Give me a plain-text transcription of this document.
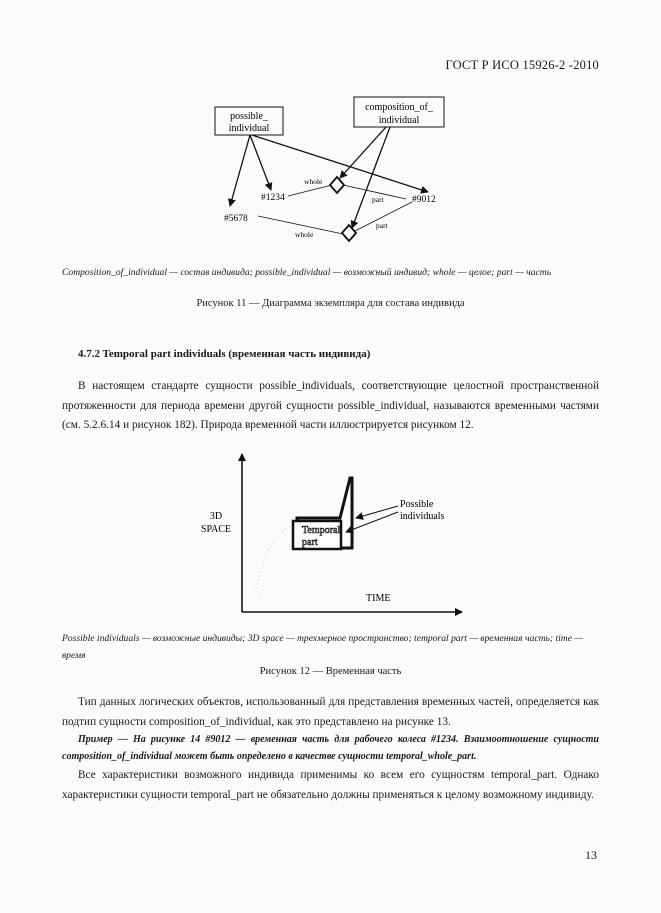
ГОСТ Р ИСО 15926-2 -2010
possible_
individual
composition_of_
individual
#1234
#5678
#9012
whole
part
part
whole
Composition_of_individual — состав индивида; possible_individual — возможный индивид; whole — целое; part — часть
Рисунок 11 — Диаграмма экземпляра для состава индивида
4.7.2 Temporal part individuals (временная часть индивида)
В настоящем стандарте сущности possible_individuals, соответствующие целостной пространственной протяженности для периода времени другой сущности possible_individual, называются временными частями (см. 5.2.6.14 и рисунок 182). Природа временной части иллюстрируется рисунком 12.
Temporal
part
Possible
individuals
3D
SPACE
TIME
Possible individuals — возможные индивиды; 3D space — трехмерное пространство; temporal part — временная часть; time — время
Рисунок 12 — Временная часть
Тип данных логических объектов, использованный для представления временных частей, определяется как подтип сущности composition_of_individual, как это представлено на рисунке 13.
Пример — На рисунке 14 #9012 — временная часть для рабочего колеса #1234. Взаимоотношение сущности composition_of_individual может быть определено в качестве сущности temporal_whole_part.
Все характеристики возможного индивида применимы ко всем его сущностям temporal_part. Однако характеристики сущности temporal_part не обязательно должны применяться к целому возможному индивиду.
13
